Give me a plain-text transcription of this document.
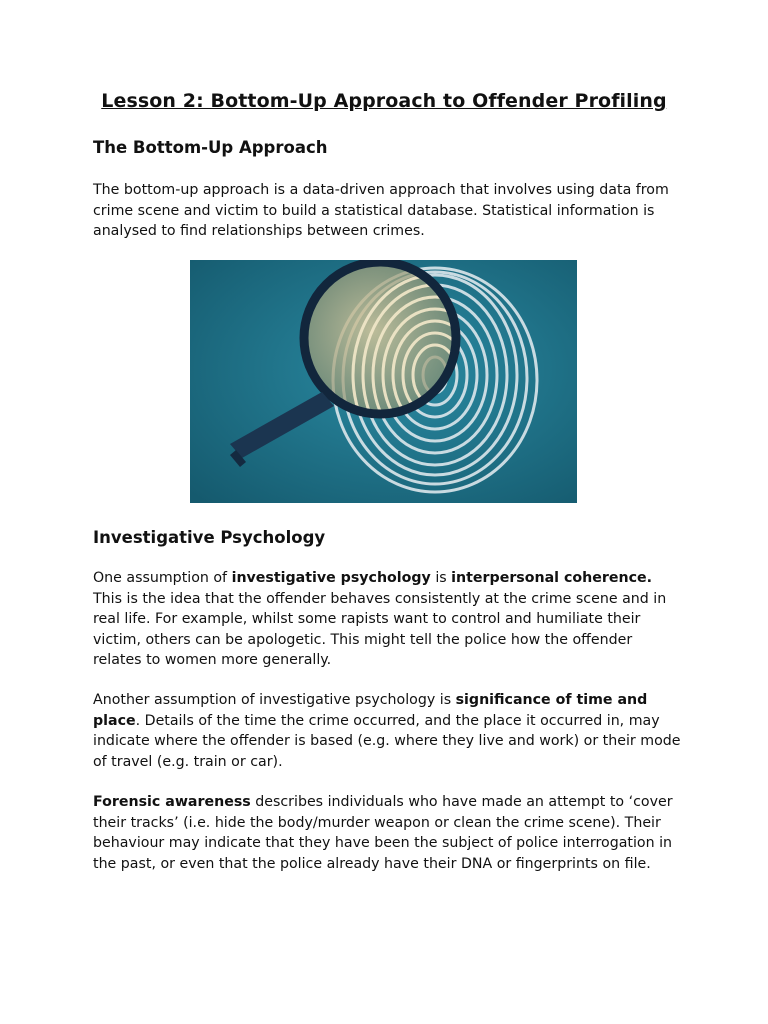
Lesson 2: Bottom-Up Approach to Offender Profiling
The Bottom-Up Approach

The bottom-up approach is a data-driven approach that involves using data from crime scene and victim to build a statistical database. Statistical information is analysed to find relationships between crimes.

Investigative Psychology

One assumption of investigative psychology is interpersonal coherence. This is the idea that the offender behaves consistently at the crime scene and in real life. For example, whilst some rapists want to control and humiliate their victim, others can be apologetic. This might tell the police how the offender relates to women more generally.

Another assumption of investigative psychology is significance of time and place. Details of the time the crime occurred, and the place it occurred in, may indicate where the offender is based (e.g. where they live and work) or their mode of travel (e.g. train or car).

Forensic awareness describes individuals who have made an attempt to ‘cover their tracks’ (i.e. hide the body/murder weapon or clean the crime scene). Their behaviour may indicate that they have been the subject of police interrogation in the past, or even that the police already have their DNA or fingerprints on file.
